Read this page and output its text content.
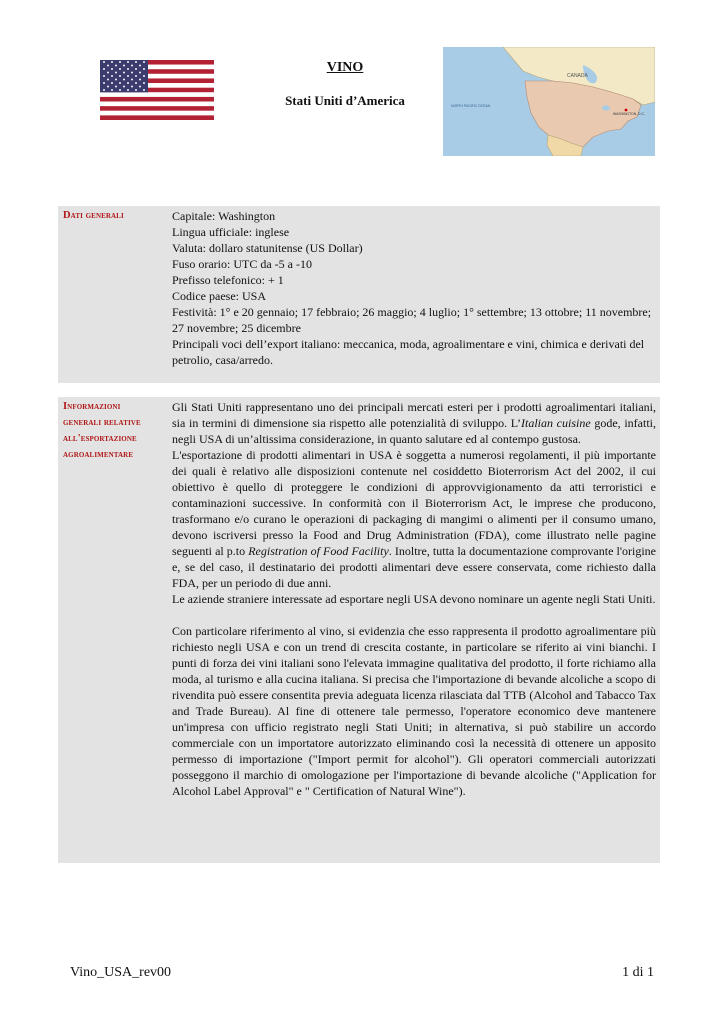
VINO
Stati Uniti d’America
CANADA
NORTH PACIFIC OCEAN
WASHINGTON, D.C.
Dati generali	Capitale: Washington

Lingua ufficiale: inglese

Valuta: dollaro statunitense (US Dollar)

Fuso orario: UTC da -5 a -10

Prefisso telefonico: + 1

Codice paese: USA

Festività: 1° e 20 gennaio; 17 febbraio; 26 maggio; 4 luglio; 1° settembre; 13 ottobre; 11 novembre; 27 novembre; 25 dicembre

Principali voci dell’export italiano: meccanica, moda, agroalimentare e vini, chimica e derivati del petrolio, casa/arredo.

Informazioni
generali relative
all'esportazione
agroalimentare

Gli Stati Uniti rappresentano uno dei principali mercati esteri per i prodotti agroalimentari italiani, sia in termini di dimensione sia rispetto alle potenzialità di sviluppo. L’Italian cuisine gode, infatti, negli USA di un’altissima considerazione, in quanto salutare ed al contempo gustosa.

L'esportazione di prodotti alimentari in USA è soggetta a numerosi regolamenti, il più importante dei quali è relativo alle disposizioni contenute nel cosiddetto Bioterrorism Act del 2002, il cui obiettivo è quello di proteggere le condizioni di approvvigionamento da atti terroristici e contaminazioni successive. In conformità con il Bioterrorism Act, le imprese che producono, trasformano e/o curano le operazioni di packaging di mangimi o alimenti per il consumo umano, devono iscriversi presso la Food and Drug Administration (FDA), come illustrato nelle pagine seguenti al p.to Registration of Food Facility. Inoltre, tutta la documentazione comprovante l'origine e, se del caso, il destinatario dei prodotti alimentari deve essere conservata, come richiesto dalla FDA, per un periodo di due anni.

Le aziende straniere interessate ad esportare negli USA devono nominare un agente negli Stati Uniti.

Con particolare riferimento al vino, si evidenzia che esso rappresenta il prodotto agroalimentare più richiesto negli USA e con un trend di crescita costante, in particolare se riferito ai vini bianchi. I punti di forza dei vini italiani sono l'elevata immagine qualitativa del prodotto, il forte richiamo alla moda, al turismo e alla cucina italiana. Si precisa che l'importazione di bevande alcoliche a scopo di rivendita può essere consentita previa adeguata licenza rilasciata dal TTB (Alcohol and Tabacco Tax and Trade Bureau). Al fine di ottenere tale permesso, l'operatore economico deve mantenere un'impresa con ufficio registrato negli Stati Uniti; in alternativa, si può stabilire un accordo commerciale con un importatore autorizzato eliminando così la necessità di ottenere un apposito permesso di importazione ("Import permit for alcohol"). Gli operatori commerciali autorizzati posseggono il marchio di omologazione per l'importazione di bevande alcoliche ("Application for Alcohol Label Approval" e " Certification of Natural Wine").

Vino_USA_rev00	1 di 1
